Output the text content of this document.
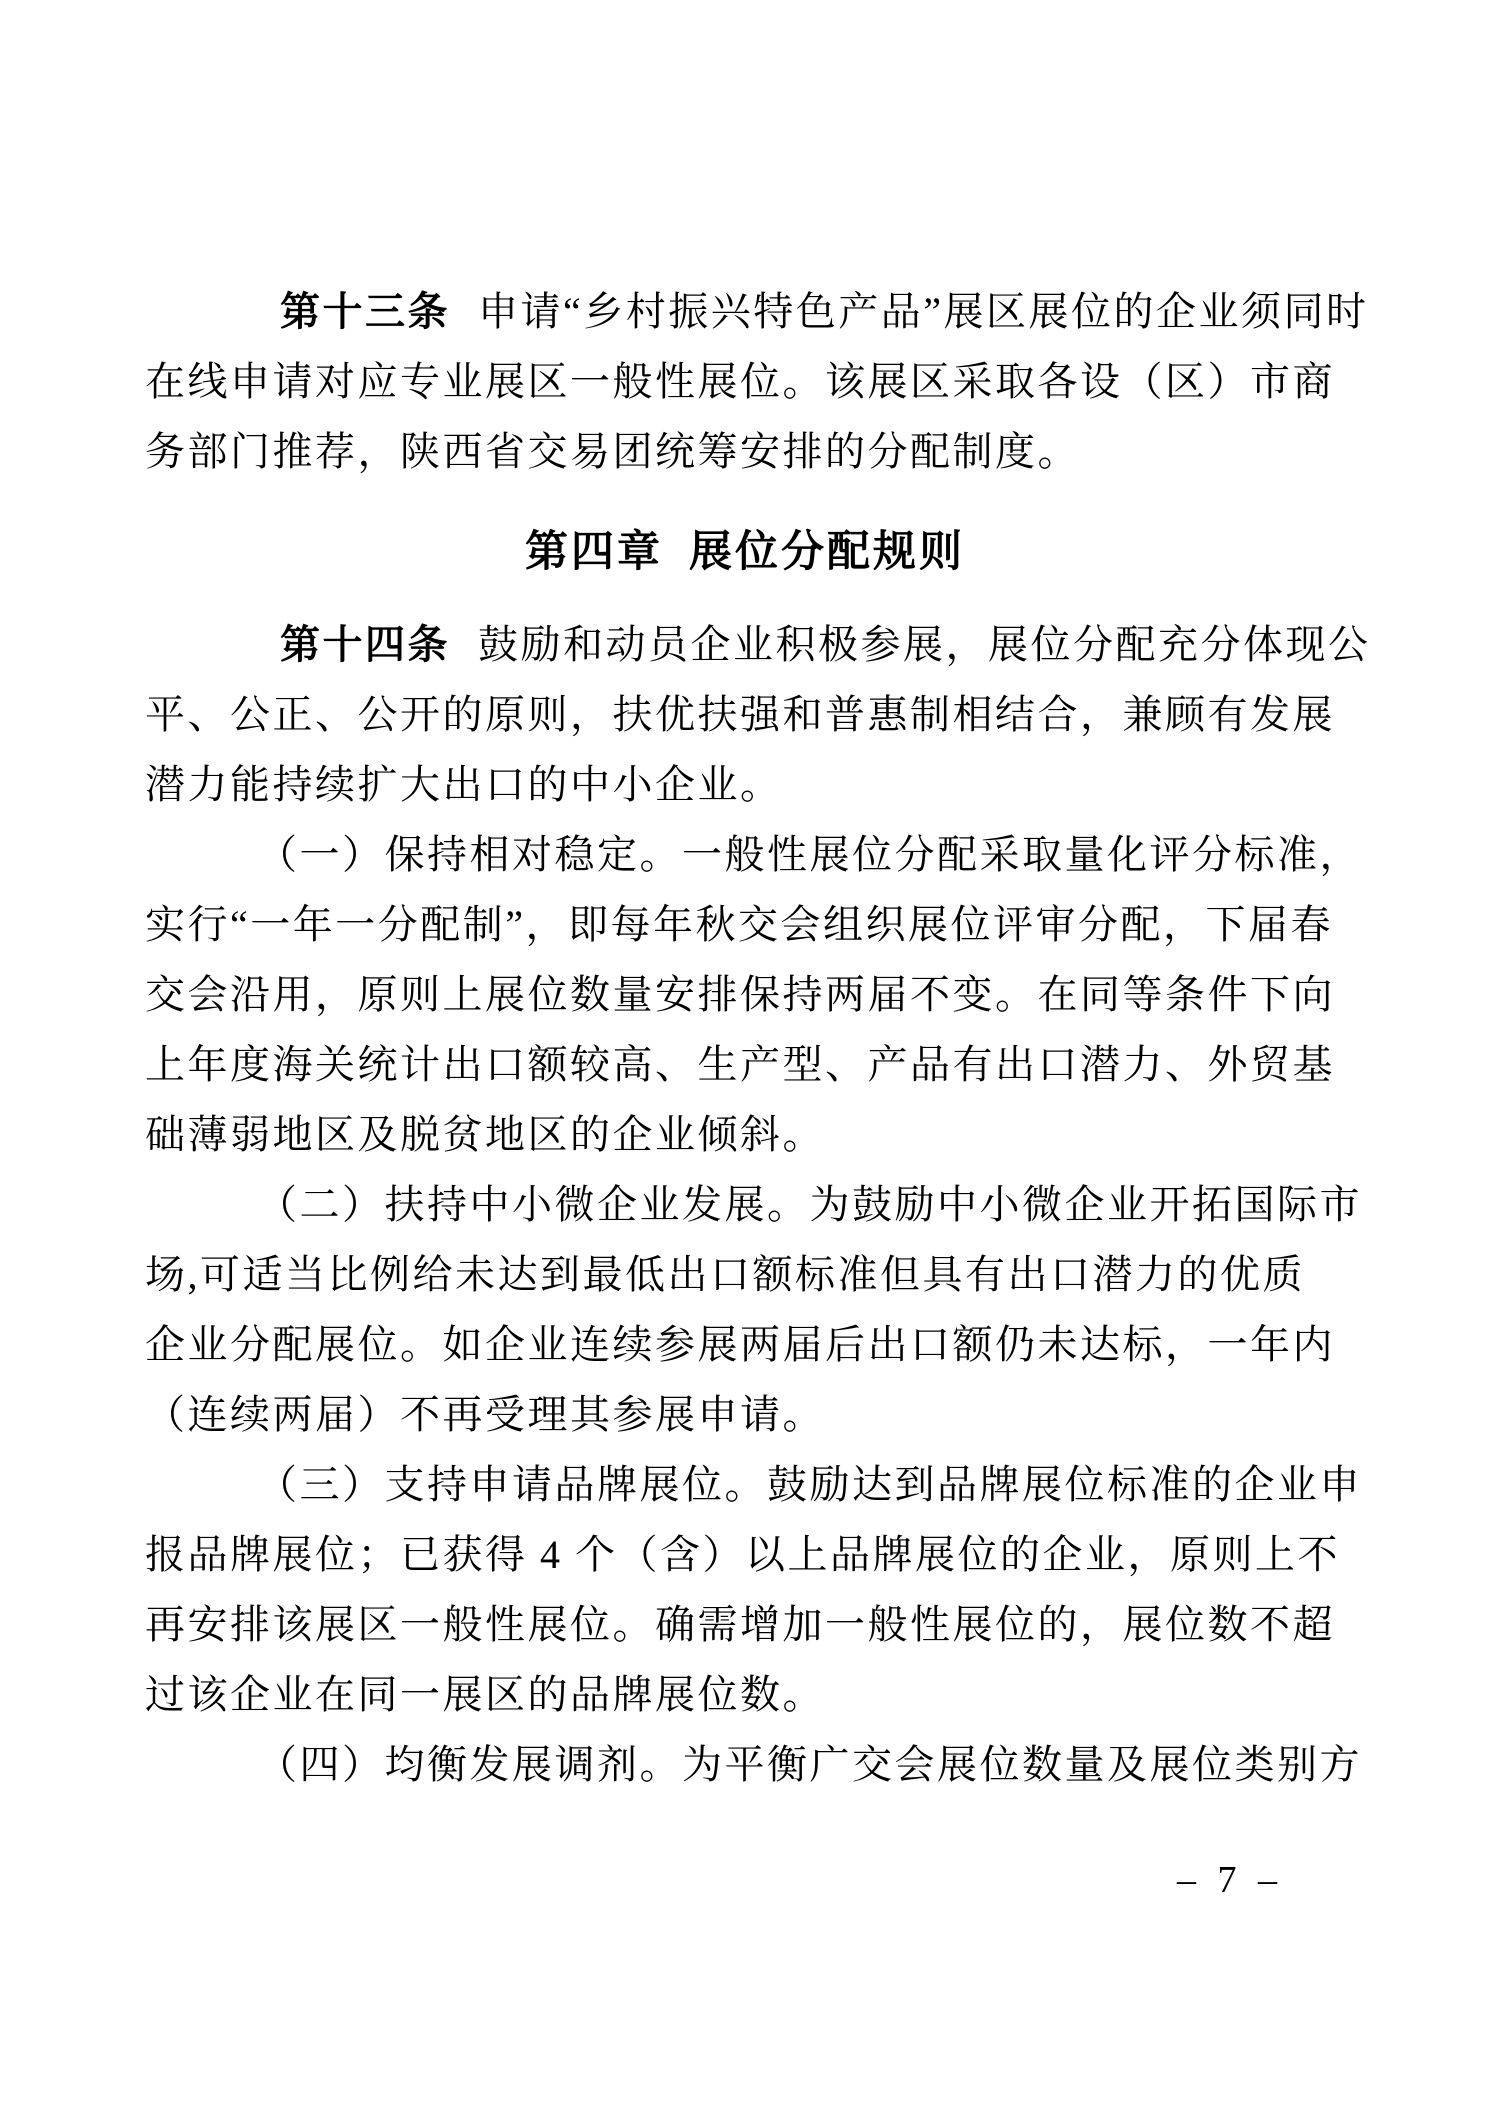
第十三条 申请“乡村振兴特色产品”展区展位的企业须同时
在线申请对应专业展区一般性展位。该展区采取各设（区）市商
务部门推荐，陕西省交易团统筹安排的分配制度。
第四章 展位分配规则
第十四条 鼓励和动员企业积极参展，展位分配充分体现公
平、公正、公开的原则，扶优扶强和普惠制相结合，兼顾有发展
潜力能持续扩大出口的中小企业。
（一）保持相对稳定。一般性展位分配采取量化评分标准，
实行“一年一分配制”，即每年秋交会组织展位评审分配，下届春
交会沿用，原则上展位数量安排保持两届不变。在同等条件下向
上年度海关统计出口额较高、生产型、产品有出口潜力、外贸基
础薄弱地区及脱贫地区的企业倾斜。
（二）扶持中小微企业发展。为鼓励中小微企业开拓国际市
场,可适当比例给未达到最低出口额标准但具有出口潜力的优质
企业分配展位。如企业连续参展两届后出口额仍未达标，一年内
（连续两届）不再受理其参展申请。
（三）支持申请品牌展位。鼓励达到品牌展位标准的企业申
报品牌展位；已获得 4 个（含）以上品牌展位的企业，原则上不
再安排该展区一般性展位。确需增加一般性展位的，展位数不超
过该企业在同一展区的品牌展位数。
（四）均衡发展调剂。为平衡广交会展位数量及展位类别方
– 7 –
